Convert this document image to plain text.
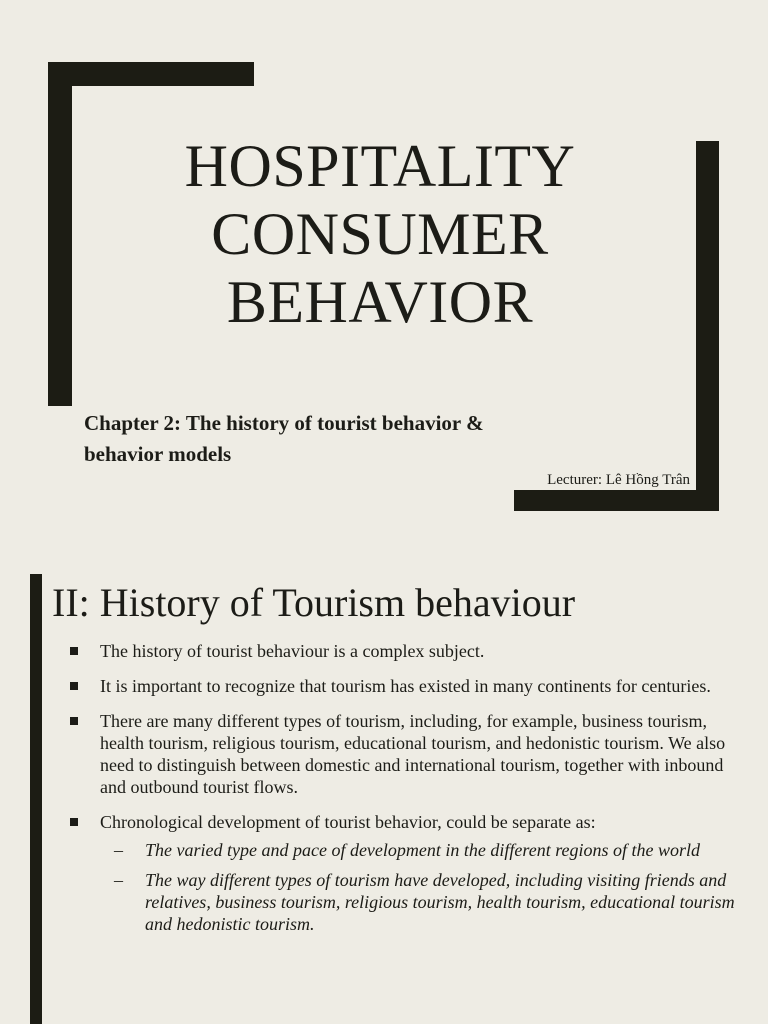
HOSPITALITY
CONSUMER
BEHAVIOR

Chapter 2: The history of tourist behavior &
behavior models

Lecturer: Lê Hồng Trân
II: History of Tourism behaviour
The history of tourist behaviour is a complex subject.
It is important to recognize that tourism has existed in many continents for centuries.
There are many different types of tourism, including, for example, business tourism, health tourism, religious tourism, educational tourism, and hedonistic tourism. We also need to distinguish between domestic and international tourism, together with inbound and outbound tourist flows.
Chronological development of tourist behavior, could be separate as:
– The varied type and pace of development in the different regions of the world
– The way different types of tourism have developed, including visiting friends and relatives, business tourism, religious tourism, health tourism, educational tourism and hedonistic tourism.
